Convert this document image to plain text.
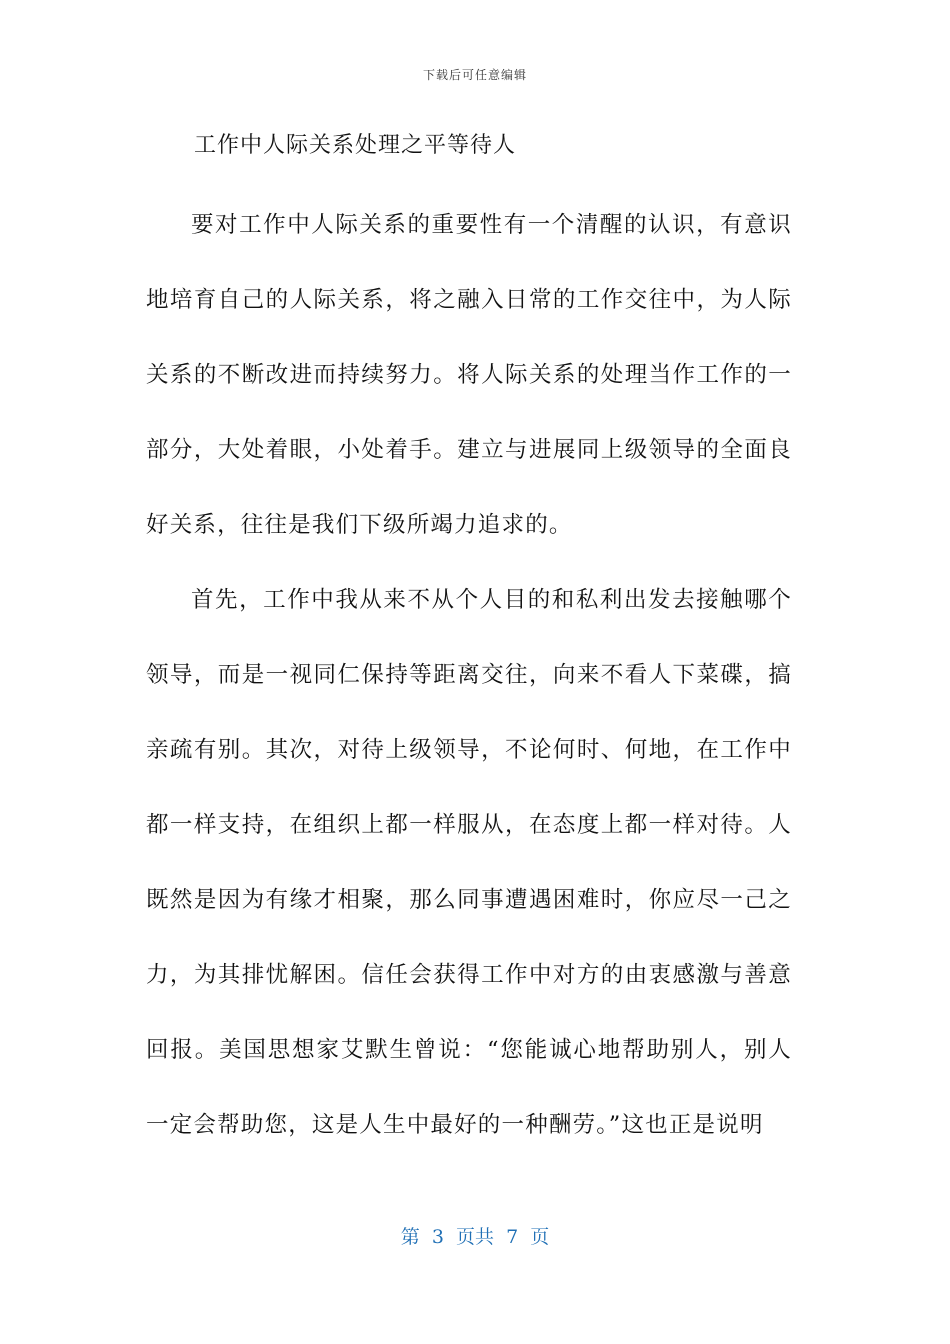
下载后可任意编辑
工作中人际关系处理之平等待人

要对工作中人际关系的重要性有一个清醒的认识，有意识地培育自己的人际关系，将之融入日常的工作交往中，为人际关系的不断改进而持续努力。将人际关系的处理当作工作的一部分，大处着眼，小处着手。建立与进展同上级领导的全面良好关系，往往是我们下级所竭力追求的。

首先，工作中我从来不从个人目的和私利出发去接触哪个领导，而是一视同仁保持等距离交往，向来不看人下菜碟，搞亲疏有别。其次，对待上级领导，不论何时、何地，在工作中都一样支持，在组织上都一样服从，在态度上都一样对待。人既然是因为有缘才相聚，那么同事遭遇困难时，你应尽一己之力，为其排忧解困。信任会获得工作中对方的由衷感激与善意回报。美国思想家艾默生曾说：“您能诚心地帮助别人，别人一定会帮助您，这是人生中最好的一种酬劳。”这也正是说明

第  3  页共  7  页
